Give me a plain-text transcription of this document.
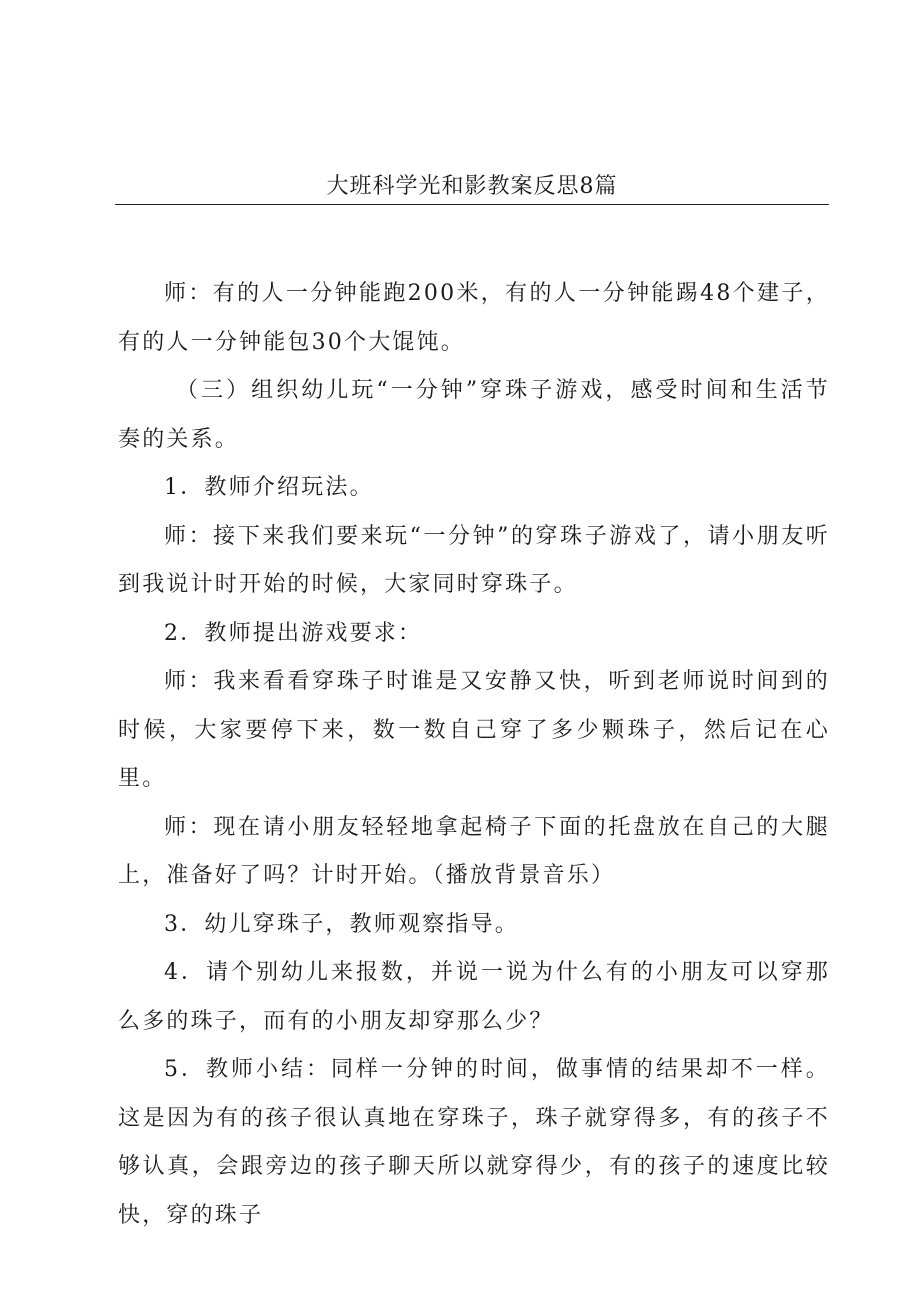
大班科学光和影教案反思8篇

师：有的人一分钟能跑200米，有的人一分钟能踢48个建子，有的人一分钟能包30个大馄饨。

（三）组织幼儿玩“一分钟”穿珠子游戏，感受时间和生活节奏的关系。

1．教师介绍玩法。

师：接下来我们要来玩“一分钟”的穿珠子游戏了，请小朋友听到我说计时开始的时候，大家同时穿珠子。

2．教师提出游戏要求：

师：我来看看穿珠子时谁是又安静又快，听到老师说时间到的时候，大家要停下来，数一数自己穿了多少颗珠子，然后记在心里。

师：现在请小朋友轻轻地拿起椅子下面的托盘放在自己的大腿上，准备好了吗？计时开始。（播放背景音乐）

3．幼儿穿珠子，教师观察指导。

4．请个别幼儿来报数，并说一说为什么有的小朋友可以穿那么多的珠子，而有的小朋友却穿那么少？

5．教师小结：同样一分钟的时间，做事情的结果却不一样。这是因为有的孩子很认真地在穿珠子，珠子就穿得多，有的孩子不够认真，会跟旁边的孩子聊天所以就穿得少，有的孩子的速度比较快，穿的珠子
